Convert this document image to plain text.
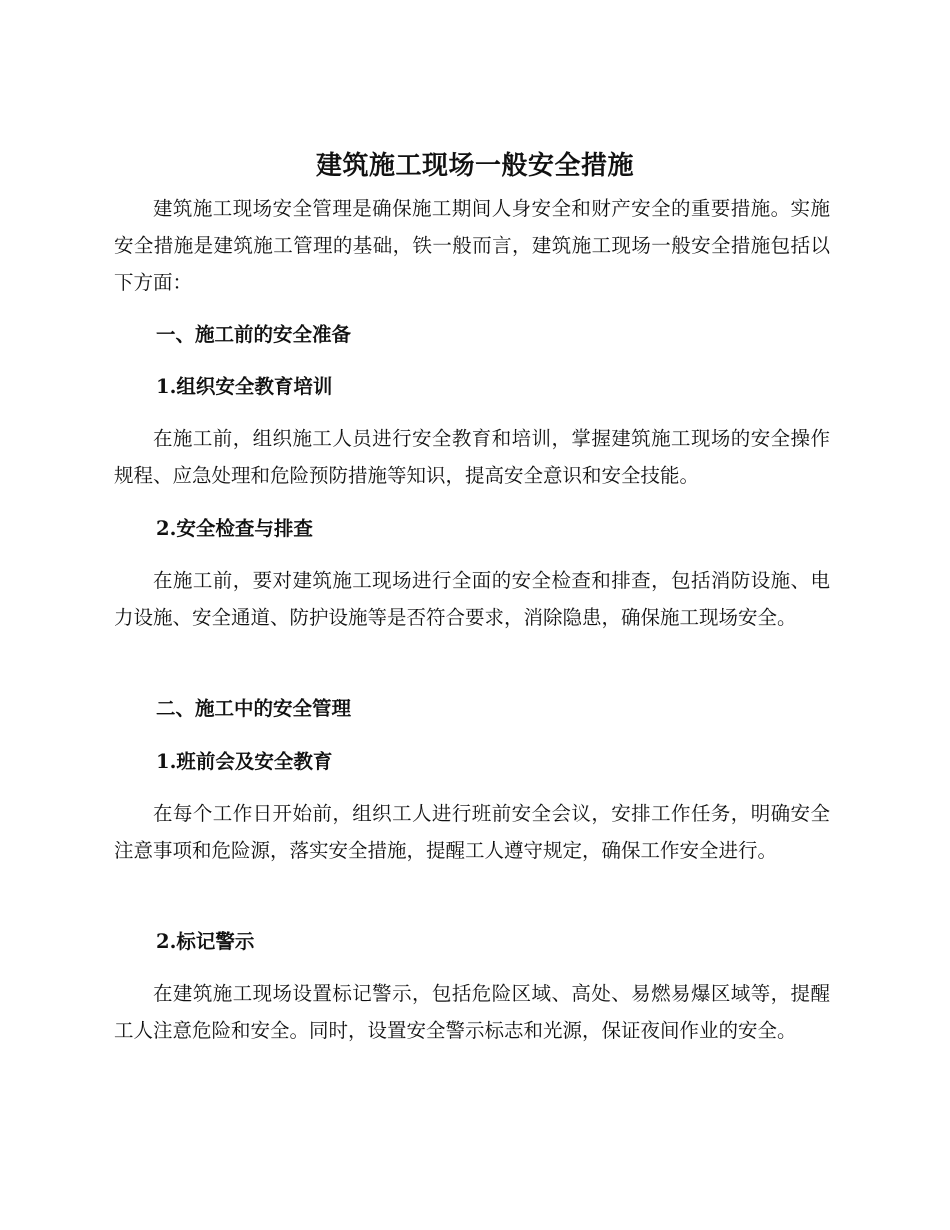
建筑施工现场一般安全措施
建筑施工现场安全管理是确保施工期间人身安全和财产安全的重要措施。实施安全措施是建筑施工管理的基础，铁一般而言，建筑施工现场一般安全措施包括以下方面：
一、施工前的安全准备
1.组织安全教育培训
在施工前，组织施工人员进行安全教育和培训，掌握建筑施工现场的安全操作规程、应急处理和危险预防措施等知识，提高安全意识和安全技能。
2.安全检查与排查
在施工前，要对建筑施工现场进行全面的安全检查和排查，包括消防设施、电力设施、安全通道、防护设施等是否符合要求，消除隐患，确保施工现场安全。
二、施工中的安全管理
1.班前会及安全教育
在每个工作日开始前，组织工人进行班前安全会议，安排工作任务，明确安全注意事项和危险源，落实安全措施，提醒工人遵守规定，确保工作安全进行。
2.标记警示
在建筑施工现场设置标记警示，包括危险区域、高处、易燃易爆区域等，提醒工人注意危险和安全。同时，设置安全警示标志和光源，保证夜间作业的安全。
